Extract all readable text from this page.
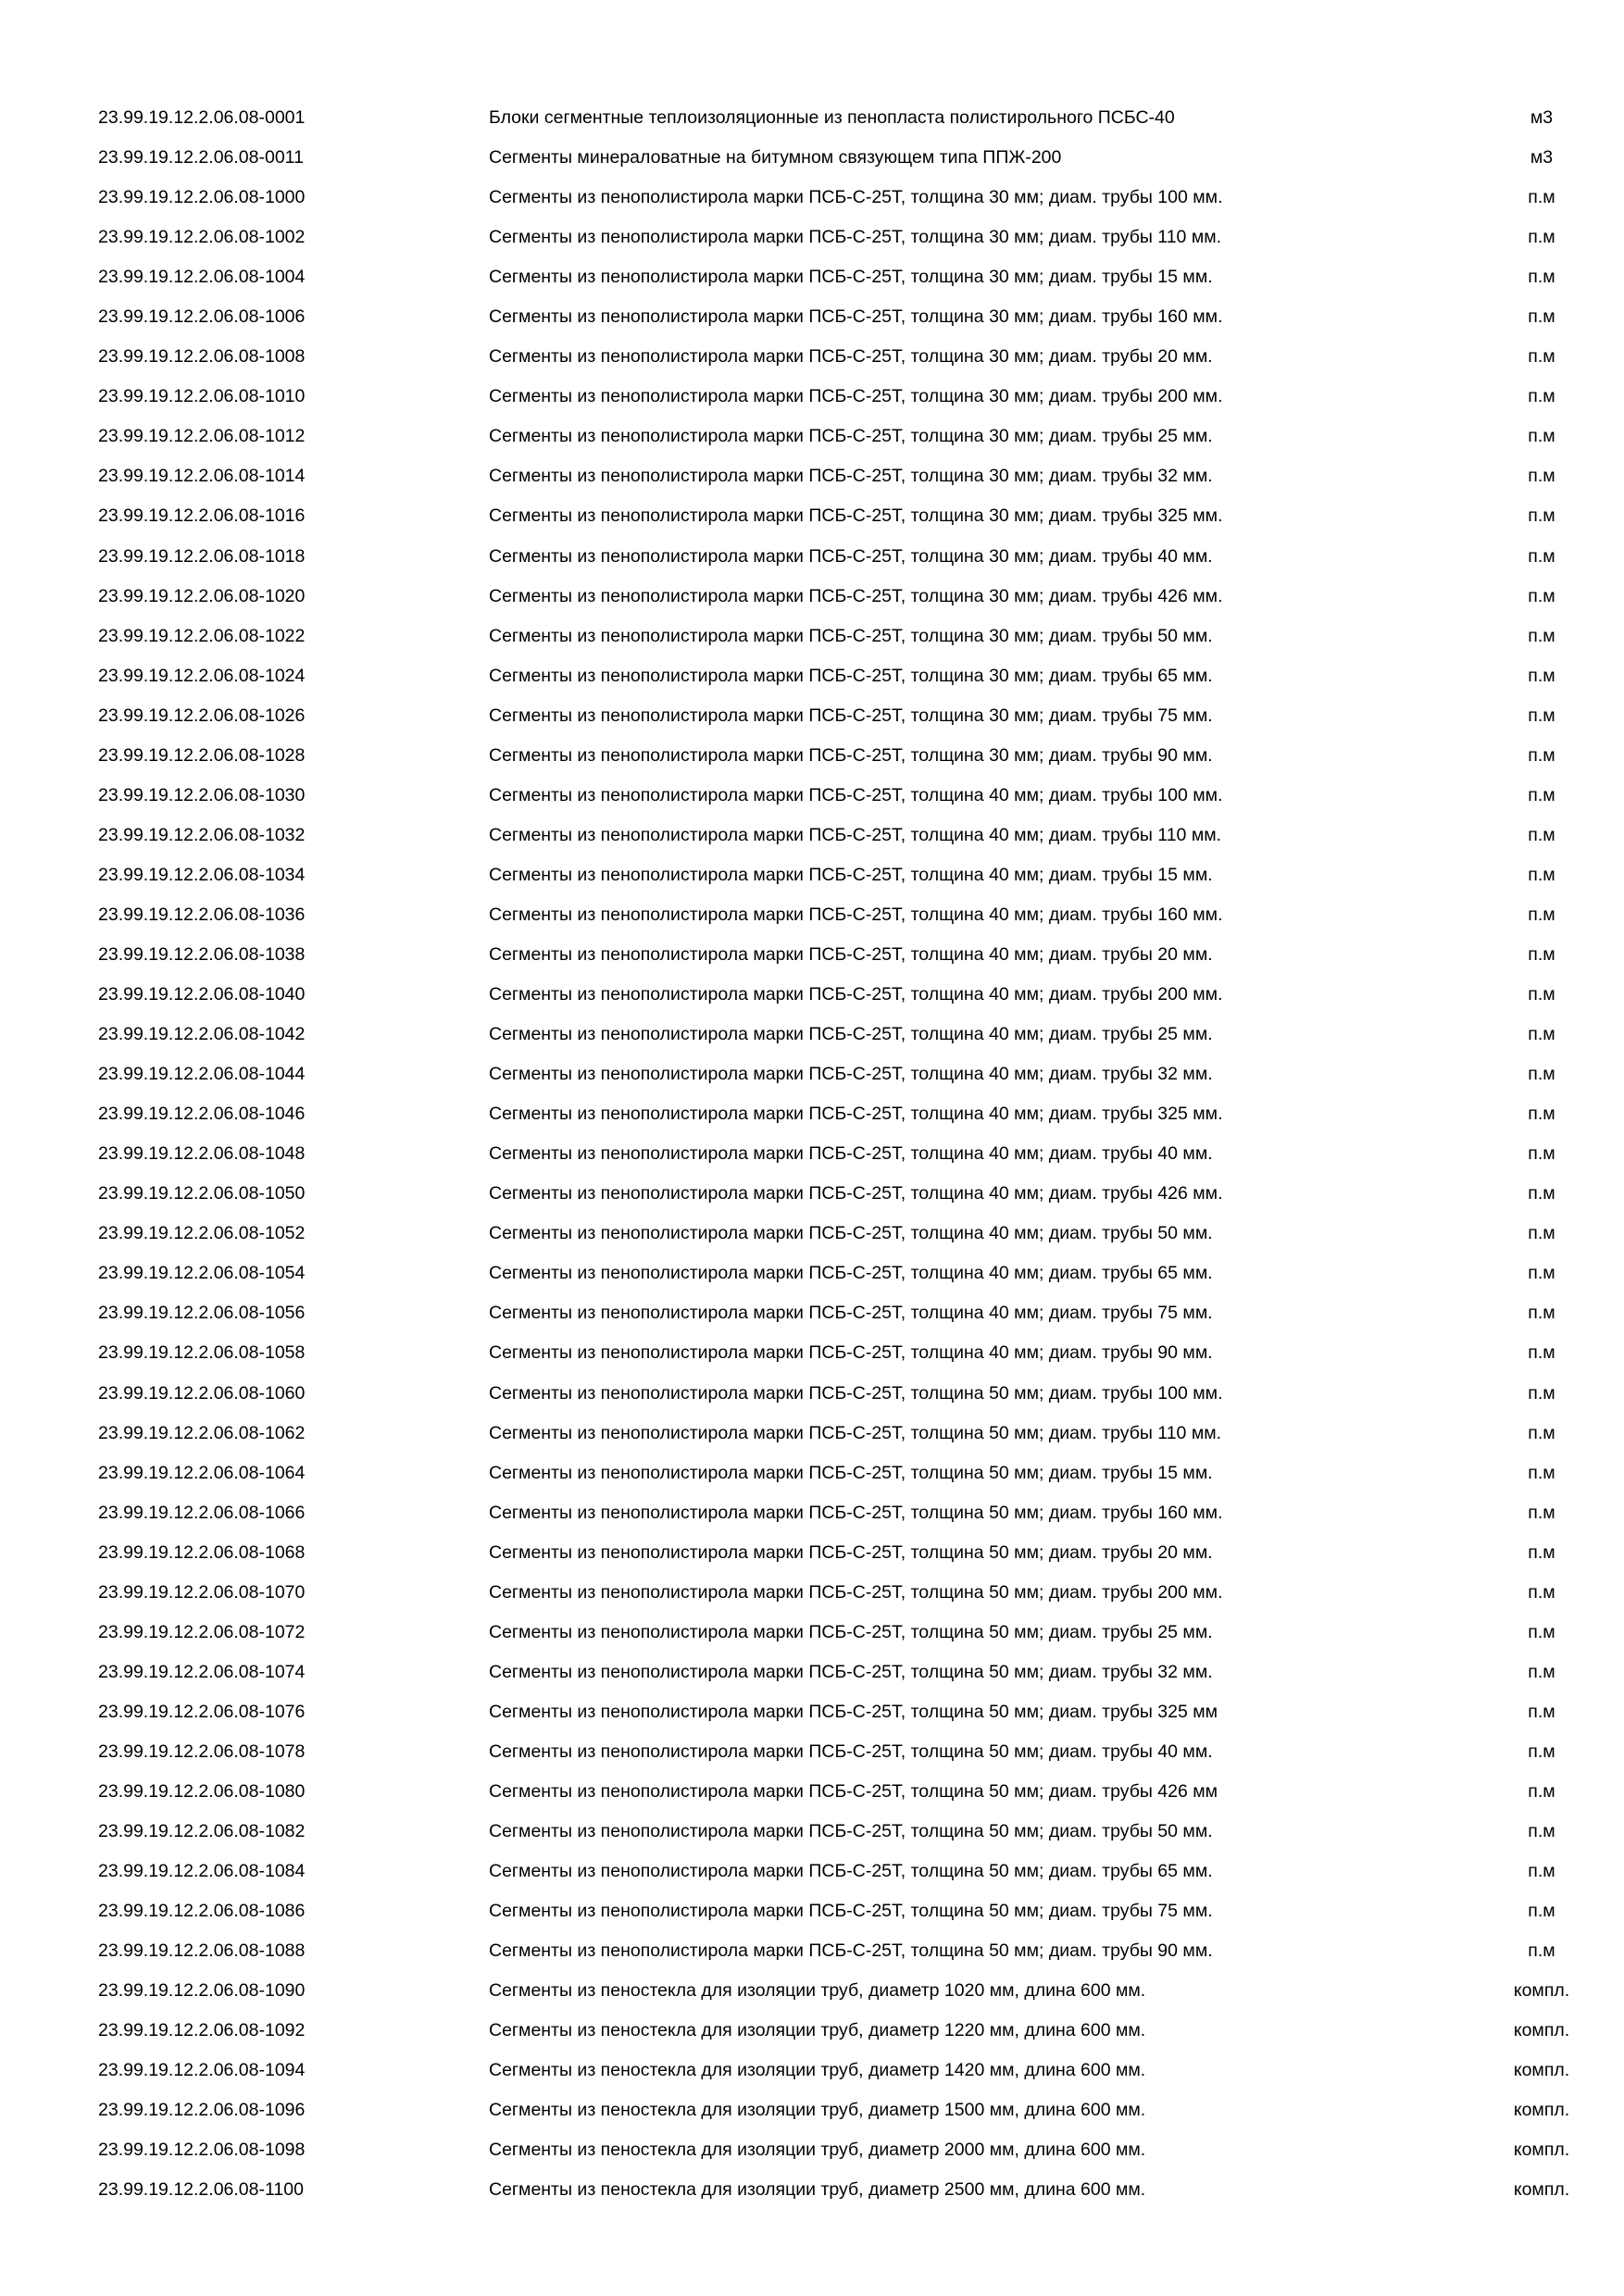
23.99.19.12.2.06.08-0001	Блоки сегментные теплоизоляционные из пенопласта полистирольного ПСБС-40	м3
23.99.19.12.2.06.08-0011	Сегменты минераловатные на битумном связующем типа ППЖ-200	м3
23.99.19.12.2.06.08-1000	Сегменты из пенополистирола марки ПСБ-С-25Т, толщина 30 мм; диам. трубы 100 мм.	п.м
23.99.19.12.2.06.08-1002	Сегменты из пенополистирола марки ПСБ-С-25Т, толщина 30 мм; диам. трубы 110 мм.	п.м
23.99.19.12.2.06.08-1004	Сегменты из пенополистирола марки ПСБ-С-25Т, толщина 30 мм; диам. трубы 15 мм.	п.м
23.99.19.12.2.06.08-1006	Сегменты из пенополистирола марки ПСБ-С-25Т, толщина 30 мм; диам. трубы 160 мм.	п.м
23.99.19.12.2.06.08-1008	Сегменты из пенополистирола марки ПСБ-С-25Т, толщина 30 мм; диам. трубы 20 мм.	п.м
23.99.19.12.2.06.08-1010	Сегменты из пенополистирола марки ПСБ-С-25Т, толщина 30 мм; диам. трубы 200 мм.	п.м
23.99.19.12.2.06.08-1012	Сегменты из пенополистирола марки ПСБ-С-25Т, толщина 30 мм; диам. трубы 25 мм.	п.м
23.99.19.12.2.06.08-1014	Сегменты из пенополистирола марки ПСБ-С-25Т, толщина 30 мм; диам. трубы 32 мм.	п.м
23.99.19.12.2.06.08-1016	Сегменты из пенополистирола марки ПСБ-С-25Т, толщина 30 мм; диам. трубы 325 мм.	п.м
23.99.19.12.2.06.08-1018	Сегменты из пенополистирола марки ПСБ-С-25Т, толщина 30 мм; диам. трубы 40 мм.	п.м
23.99.19.12.2.06.08-1020	Сегменты из пенополистирола марки ПСБ-С-25Т, толщина 30 мм; диам. трубы 426 мм.	п.м
23.99.19.12.2.06.08-1022	Сегменты из пенополистирола марки ПСБ-С-25Т, толщина 30 мм; диам. трубы 50 мм.	п.м
23.99.19.12.2.06.08-1024	Сегменты из пенополистирола марки ПСБ-С-25Т, толщина 30 мм; диам. трубы 65 мм.	п.м
23.99.19.12.2.06.08-1026	Сегменты из пенополистирола марки ПСБ-С-25Т, толщина 30 мм; диам. трубы 75 мм.	п.м
23.99.19.12.2.06.08-1028	Сегменты из пенополистирола марки ПСБ-С-25Т, толщина 30 мм; диам. трубы 90 мм.	п.м
23.99.19.12.2.06.08-1030	Сегменты из пенополистирола марки ПСБ-С-25Т, толщина 40 мм; диам. трубы 100 мм.	п.м
23.99.19.12.2.06.08-1032	Сегменты из пенополистирола марки ПСБ-С-25Т, толщина 40 мм; диам. трубы 110 мм.	п.м
23.99.19.12.2.06.08-1034	Сегменты из пенополистирола марки ПСБ-С-25Т, толщина 40 мм; диам. трубы 15 мм.	п.м
23.99.19.12.2.06.08-1036	Сегменты из пенополистирола марки ПСБ-С-25Т, толщина 40 мм; диам. трубы 160 мм.	п.м
23.99.19.12.2.06.08-1038	Сегменты из пенополистирола марки ПСБ-С-25Т, толщина 40 мм; диам. трубы 20 мм.	п.м
23.99.19.12.2.06.08-1040	Сегменты из пенополистирола марки ПСБ-С-25Т, толщина 40 мм; диам. трубы 200 мм.	п.м
23.99.19.12.2.06.08-1042	Сегменты из пенополистирола марки ПСБ-С-25Т, толщина 40 мм; диам. трубы 25 мм.	п.м
23.99.19.12.2.06.08-1044	Сегменты из пенополистирола марки ПСБ-С-25Т, толщина 40 мм; диам. трубы 32 мм.	п.м
23.99.19.12.2.06.08-1046	Сегменты из пенополистирола марки ПСБ-С-25Т, толщина 40 мм; диам. трубы 325 мм.	п.м
23.99.19.12.2.06.08-1048	Сегменты из пенополистирола марки ПСБ-С-25Т, толщина 40 мм; диам. трубы 40 мм.	п.м
23.99.19.12.2.06.08-1050	Сегменты из пенополистирола марки ПСБ-С-25Т, толщина 40 мм; диам. трубы 426 мм.	п.м
23.99.19.12.2.06.08-1052	Сегменты из пенополистирола марки ПСБ-С-25Т, толщина 40 мм; диам. трубы 50 мм.	п.м
23.99.19.12.2.06.08-1054	Сегменты из пенополистирола марки ПСБ-С-25Т, толщина 40 мм; диам. трубы 65 мм.	п.м
23.99.19.12.2.06.08-1056	Сегменты из пенополистирола марки ПСБ-С-25Т, толщина 40 мм; диам. трубы 75 мм.	п.м
23.99.19.12.2.06.08-1058	Сегменты из пенополистирола марки ПСБ-С-25Т, толщина 40 мм; диам. трубы 90 мм.	п.м
23.99.19.12.2.06.08-1060	Сегменты из пенополистирола марки ПСБ-С-25Т, толщина 50 мм; диам. трубы 100 мм.	п.м
23.99.19.12.2.06.08-1062	Сегменты из пенополистирола марки ПСБ-С-25Т, толщина 50 мм; диам. трубы 110 мм.	п.м
23.99.19.12.2.06.08-1064	Сегменты из пенополистирола марки ПСБ-С-25Т, толщина 50 мм; диам. трубы 15 мм.	п.м
23.99.19.12.2.06.08-1066	Сегменты из пенополистирола марки ПСБ-С-25Т, толщина 50 мм; диам. трубы 160 мм.	п.м
23.99.19.12.2.06.08-1068	Сегменты из пенополистирола марки ПСБ-С-25Т, толщина 50 мм; диам. трубы 20 мм.	п.м
23.99.19.12.2.06.08-1070	Сегменты из пенополистирола марки ПСБ-С-25Т, толщина 50 мм; диам. трубы 200 мм.	п.м
23.99.19.12.2.06.08-1072	Сегменты из пенополистирола марки ПСБ-С-25Т, толщина 50 мм; диам. трубы 25 мм.	п.м
23.99.19.12.2.06.08-1074	Сегменты из пенополистирола марки ПСБ-С-25Т, толщина 50 мм; диам. трубы 32 мм.	п.м
23.99.19.12.2.06.08-1076	Сегменты из пенополистирола марки ПСБ-С-25Т, толщина 50 мм; диам. трубы 325 мм	п.м
23.99.19.12.2.06.08-1078	Сегменты из пенополистирола марки ПСБ-С-25Т, толщина 50 мм; диам. трубы 40 мм.	п.м
23.99.19.12.2.06.08-1080	Сегменты из пенополистирола марки ПСБ-С-25Т, толщина 50 мм; диам. трубы 426 мм	п.м
23.99.19.12.2.06.08-1082	Сегменты из пенополистирола марки ПСБ-С-25Т, толщина 50 мм; диам. трубы 50 мм.	п.м
23.99.19.12.2.06.08-1084	Сегменты из пенополистирола марки ПСБ-С-25Т, толщина 50 мм; диам. трубы 65 мм.	п.м
23.99.19.12.2.06.08-1086	Сегменты из пенополистирола марки ПСБ-С-25Т, толщина 50 мм; диам. трубы 75 мм.	п.м
23.99.19.12.2.06.08-1088	Сегменты из пенополистирола марки ПСБ-С-25Т, толщина 50 мм; диам. трубы 90 мм.	п.м
23.99.19.12.2.06.08-1090	Сегменты из пеностекла для изоляции труб, диаметр 1020 мм, длина 600 мм.	компл.
23.99.19.12.2.06.08-1092	Сегменты из пеностекла для изоляции труб, диаметр 1220 мм, длина 600 мм.	компл.
23.99.19.12.2.06.08-1094	Сегменты из пеностекла для изоляции труб, диаметр 1420 мм, длина 600 мм.	компл.
23.99.19.12.2.06.08-1096	Сегменты из пеностекла для изоляции труб, диаметр 1500 мм, длина 600 мм.	компл.
23.99.19.12.2.06.08-1098	Сегменты из пеностекла для изоляции труб, диаметр 2000 мм, длина 600 мм.	компл.
23.99.19.12.2.06.08-1100	Сегменты из пеностекла для изоляции труб, диаметр 2500 мм, длина 600 мм.	компл.
